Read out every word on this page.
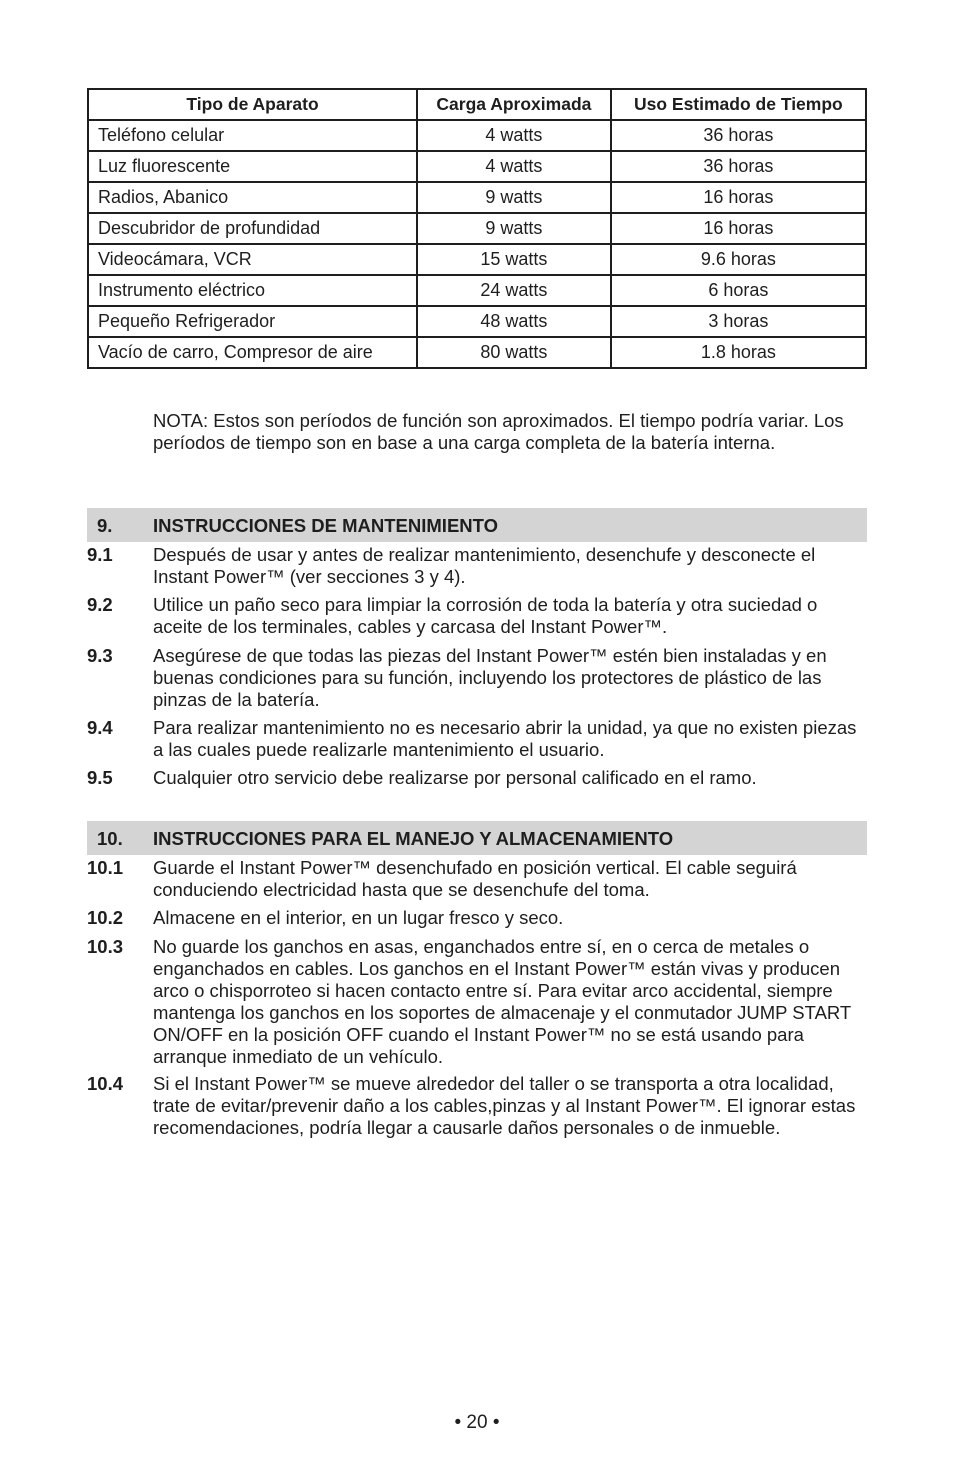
Tipo de Aparato	Carga Aproximada	Uso Estimado de Tiempo
Teléfono celular	4 watts	36 horas
Luz fluorescente	4 watts	36 horas
Radios, Abanico	9 watts	16 horas
Descubridor de profundidad	9 watts	16 horas
Videocámara, VCR	15 watts	9.6 horas
Instrumento eléctrico	24 watts	6 horas
Pequeño Refrigerador	48 watts	3 horas
Vacío de carro, Compresor de aire	80 watts	1.8 horas
NOTA: Estos son períodos de función son aproximados. El tiempo podría variar. Los períodos de tiempo son en base a una carga completa de la batería interna.
9. INSTRUCCIONES DE MANTENIMIENTO
9.1 Después de usar y antes de realizar mantenimiento, desenchufe y desconecte el Instant Power™ (ver secciones 3 y 4).
9.2 Utilice un paño seco para limpiar la corrosión de toda la batería y otra suciedad o aceite de los terminales, cables y carcasa del Instant Power™.
9.3 Asegúrese de que todas las piezas del Instant Power™ estén bien instaladas y en buenas condiciones para su función, incluyendo los protectores de plástico de las pinzas de la batería.
9.4 Para realizar mantenimiento no es necesario abrir la unidad, ya que no existen piezas a las cuales puede realizarle mantenimiento el usuario.
9.5 Cualquier otro servicio debe realizarse por personal calificado en el ramo.
10. INSTRUCCIONES PARA EL MANEJO Y ALMACENAMIENTO
10.1 Guarde el Instant Power™ desenchufado en posición vertical. El cable seguirá conduciendo electricidad hasta que se desenchufe del toma.
10.2 Almacene en el interior, en un lugar fresco y seco.
10.3 No guarde los ganchos en asas, enganchados entre sí, en o cerca de metales o enganchados en cables. Los ganchos en el Instant Power™ están vivas y producen arco o chisporroteo si hacen contacto entre sí. Para evitar arco accidental, siempre mantenga los ganchos en los soportes de almacenaje y el conmutador JUMP START ON/OFF en la posición OFF cuando el Instant Power™ no se está usando para arranque inmediato de un vehículo.
10.4 Si el Instant Power™ se mueve alrededor del taller o se transporta a otra localidad, trate de evitar/prevenir daño a los cables,pinzas y al Instant Power™. El ignorar estas recomendaciones, podría llegar a causarle daños personales o de inmueble.
• 20 •
